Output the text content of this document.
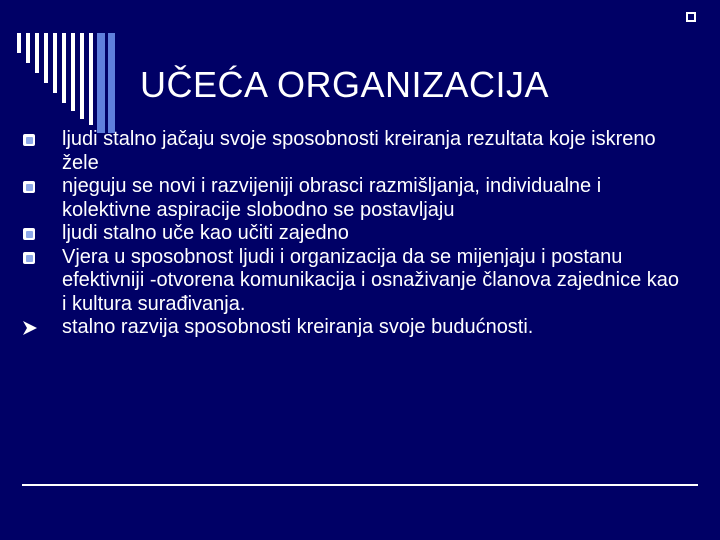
UČEĆA ORGANIZACIJA
ljudi stalno jačaju svoje sposobnosti kreiranja rezultata koje iskreno žele
njeguju se novi i razvijeniji obrasci razmišljanja, individualne i kolektivne aspiracije slobodno se postavljaju
ljudi stalno uče kao učiti zajedno
Vjera u sposobnost ljudi i organizacija da se mijenjaju i postanu efektivniji -otvorena komunikacija i osnaživanje članova zajednice kao i kultura surađivanja.
stalno razvija sposobnosti kreiranja svoje budućnosti.
